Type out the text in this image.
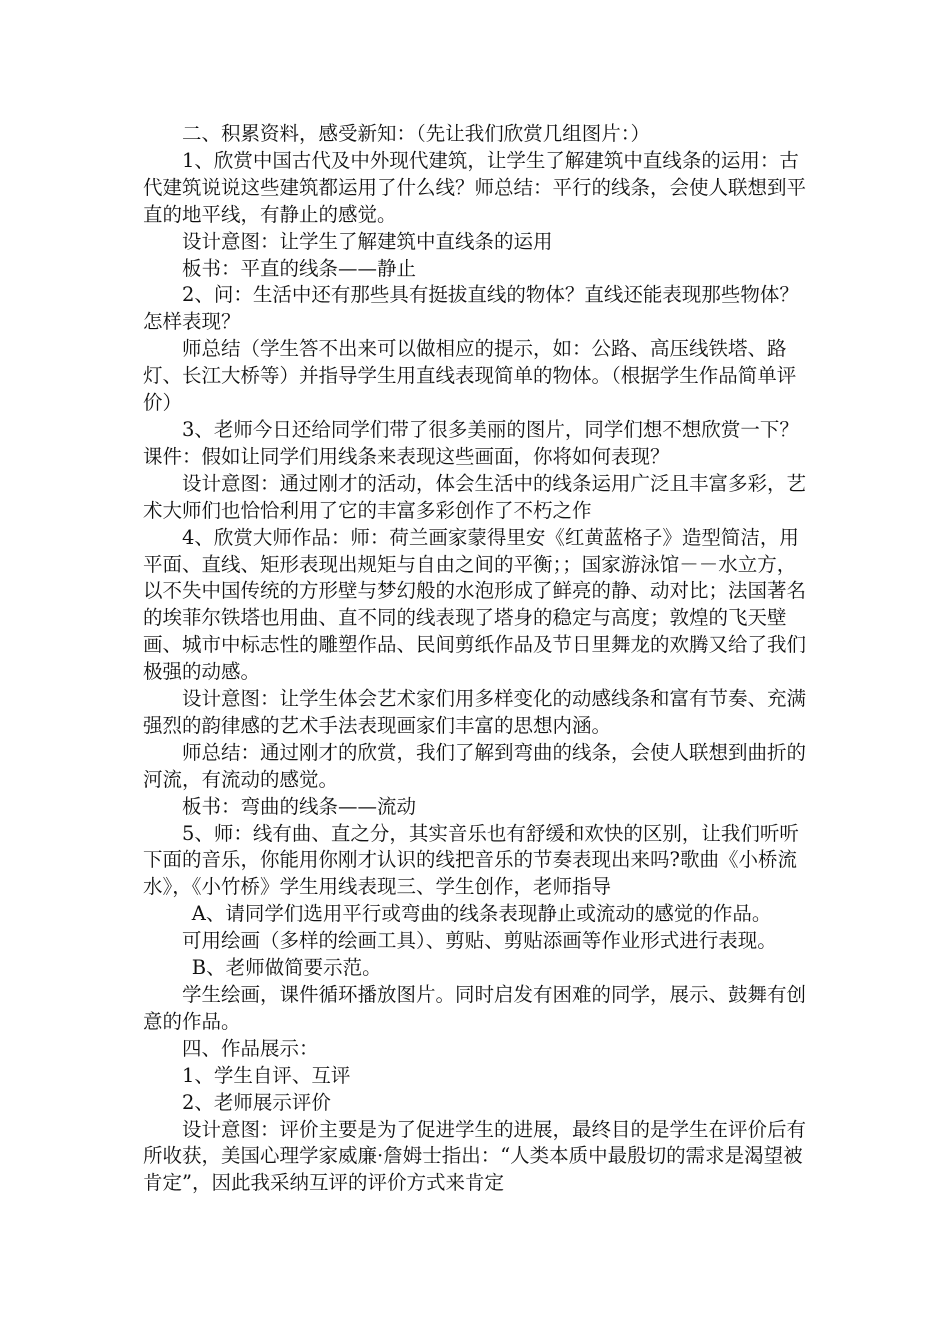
二、积累资料，感受新知：（先让我们欣赏几组图片：）

1、欣赏中国古代及中外现代建筑，让学生了解建筑中直线条的运用：古代建筑说说这些建筑都运用了什么线？师总结：平行的线条，会使人联想到平直的地平线，有静止的感觉。

设计意图：让学生了解建筑中直线条的运用

板书：平直的线条——静止

2、问：生活中还有那些具有挺拔直线的物体？直线还能表现那些物体？怎样表现？

师总结（学生答不出来可以做相应的提示，如：公路、高压线铁塔、路灯、长江大桥等）并指导学生用直线表现简单的物体。（根据学生作品简单评价）

3、老师今日还给同学们带了很多美丽的图片，同学们想不想欣赏一下？课件：假如让同学们用线条来表现这些画面，你将如何表现？

设计意图：通过刚才的活动，体会生活中的线条运用广泛且丰富多彩，艺术大师们也恰恰利用了它的丰富多彩创作了不朽之作

4、欣赏大师作品：师：荷兰画家蒙得里安《红黄蓝格子》造型简洁，用平面、直线、矩形表现出规矩与自由之间的平衡；；国家游泳馆－－水立方，以不失中国传统的方形壁与梦幻般的水泡形成了鲜亮的静、动对比；法国著名的埃菲尔铁塔也用曲、直不同的线表现了塔身的稳定与高度；敦煌的飞天壁画、城市中标志性的雕塑作品、民间剪纸作品及节日里舞龙的欢腾又给了我们极强的动感。

设计意图：让学生体会艺术家们用多样变化的动感线条和富有节奏、充满强烈的韵律感的艺术手法表现画家们丰富的思想内涵。

师总结：通过刚才的欣赏，我们了解到弯曲的线条，会使人联想到曲折的河流，有流动的感觉。

板书：弯曲的线条——流动

5、师：线有曲、直之分，其实音乐也有舒缓和欢快的区别，让我们听听下面的音乐，你能用你刚才认识的线把音乐的节奏表现出来吗?歌曲《小桥流水》，《小竹桥》学生用线表现三、学生创作，老师指导

A、请同学们选用平行或弯曲的线条表现静止或流动的感觉的作品。

可用绘画（多样的绘画工具）、剪贴、剪贴添画等作业形式进行表现。

B、老师做简要示范。

学生绘画，课件循环播放图片。同时启发有困难的同学，展示、鼓舞有创意的作品。

四、作品展示：

1、学生自评、互评

2、老师展示评价

设计意图：评价主要是为了促进学生的进展，最终目的是学生在评价后有所收获，美国心理学家威廉·詹姆士指出：“人类本质中最殷切的需求是渴望被肯定”，因此我采纳互评的评价方式来肯定
